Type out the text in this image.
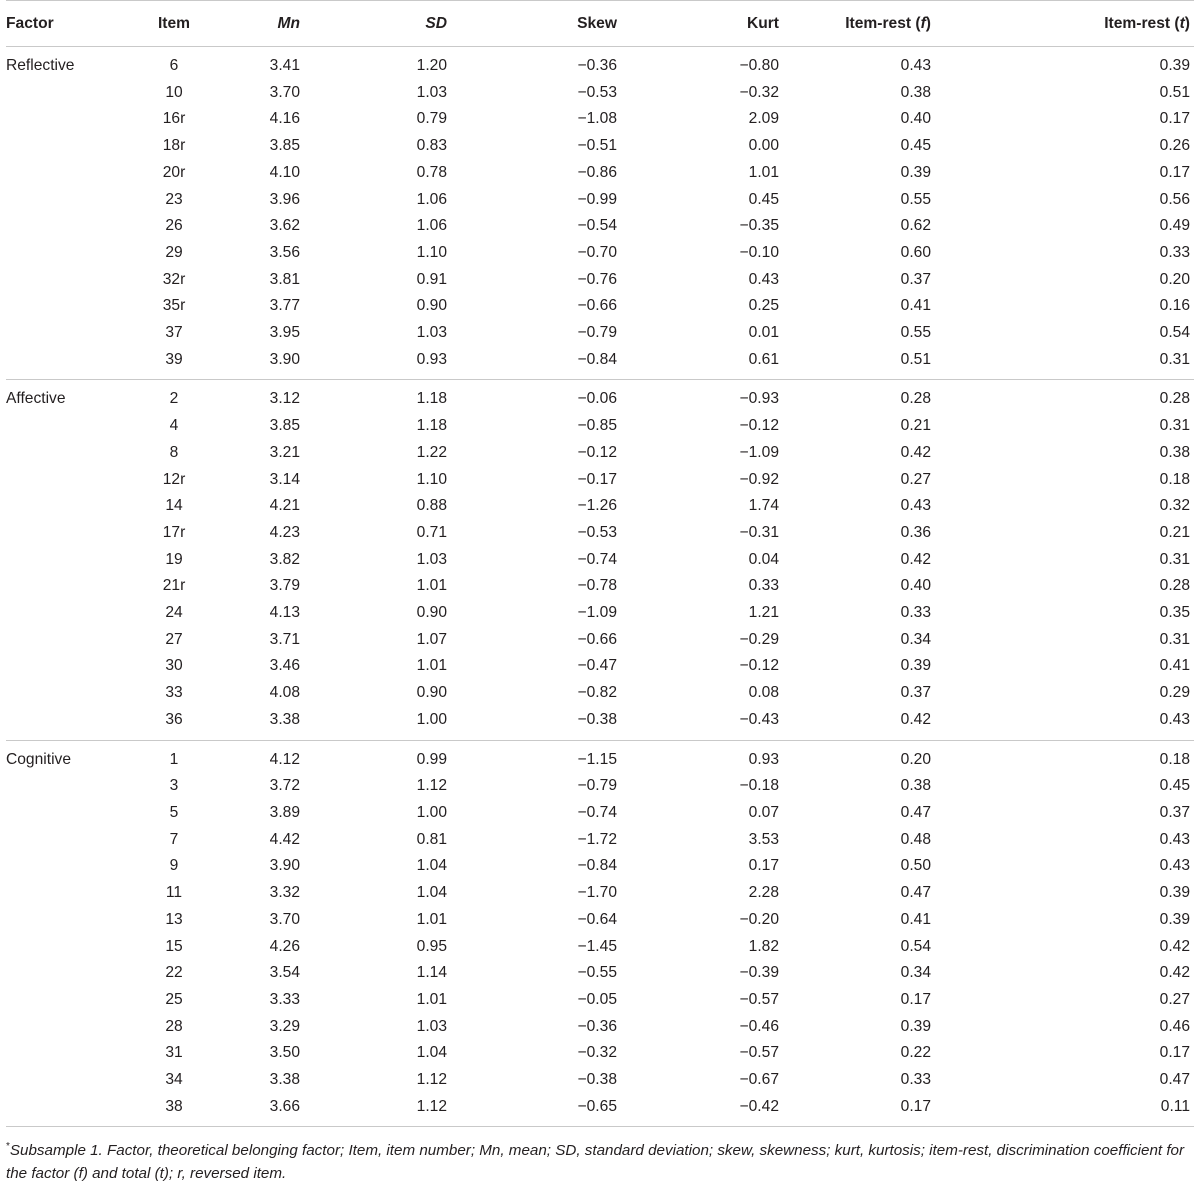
Factor	Item	Mn	SD	Skew	Kurt	Item-rest (f)	Item-rest (t)
Reflective	6	3.41	1.20	−0.36	−0.80	0.43	0.39
	10	3.70	1.03	−0.53	−0.32	0.38	0.51
	16r	4.16	0.79	−1.08	2.09	0.40	0.17
	18r	3.85	0.83	−0.51	0.00	0.45	0.26
	20r	4.10	0.78	−0.86	1.01	0.39	0.17
	23	3.96	1.06	−0.99	0.45	0.55	0.56
	26	3.62	1.06	−0.54	−0.35	0.62	0.49
	29	3.56	1.10	−0.70	−0.10	0.60	0.33
	32r	3.81	0.91	−0.76	0.43	0.37	0.20
	35r	3.77	0.90	−0.66	0.25	0.41	0.16
	37	3.95	1.03	−0.79	0.01	0.55	0.54
	39	3.90	0.93	−0.84	0.61	0.51	0.31
Affective	2	3.12	1.18	−0.06	−0.93	0.28	0.28
	4	3.85	1.18	−0.85	−0.12	0.21	0.31
	8	3.21	1.22	−0.12	−1.09	0.42	0.38
	12r	3.14	1.10	−0.17	−0.92	0.27	0.18
	14	4.21	0.88	−1.26	1.74	0.43	0.32
	17r	4.23	0.71	−0.53	−0.31	0.36	0.21
	19	3.82	1.03	−0.74	0.04	0.42	0.31
	21r	3.79	1.01	−0.78	0.33	0.40	0.28
	24	4.13	0.90	−1.09	1.21	0.33	0.35
	27	3.71	1.07	−0.66	−0.29	0.34	0.31
	30	3.46	1.01	−0.47	−0.12	0.39	0.41
	33	4.08	0.90	−0.82	0.08	0.37	0.29
	36	3.38	1.00	−0.38	−0.43	0.42	0.43
Cognitive	1	4.12	0.99	−1.15	0.93	0.20	0.18
	3	3.72	1.12	−0.79	−0.18	0.38	0.45
	5	3.89	1.00	−0.74	0.07	0.47	0.37
	7	4.42	0.81	−1.72	3.53	0.48	0.43
	9	3.90	1.04	−0.84	0.17	0.50	0.43
	11	3.32	1.04	−1.70	2.28	0.47	0.39
	13	3.70	1.01	−0.64	−0.20	0.41	0.39
	15	4.26	0.95	−1.45	1.82	0.54	0.42
	22	3.54	1.14	−0.55	−0.39	0.34	0.42
	25	3.33	1.01	−0.05	−0.57	0.17	0.27
	28	3.29	1.03	−0.36	−0.46	0.39	0.46
	31	3.50	1.04	−0.32	−0.57	0.22	0.17
	34	3.38	1.12	−0.38	−0.67	0.33	0.47
	38	3.66	1.12	−0.65	−0.42	0.17	0.11
*Subsample 1. Factor, theoretical belonging factor; Item, item number; Mn, mean; SD, standard deviation; skew, skewness; kurt, kurtosis; item-rest, discrimination coefficient for the factor (f) and total (t); r, reversed item.
